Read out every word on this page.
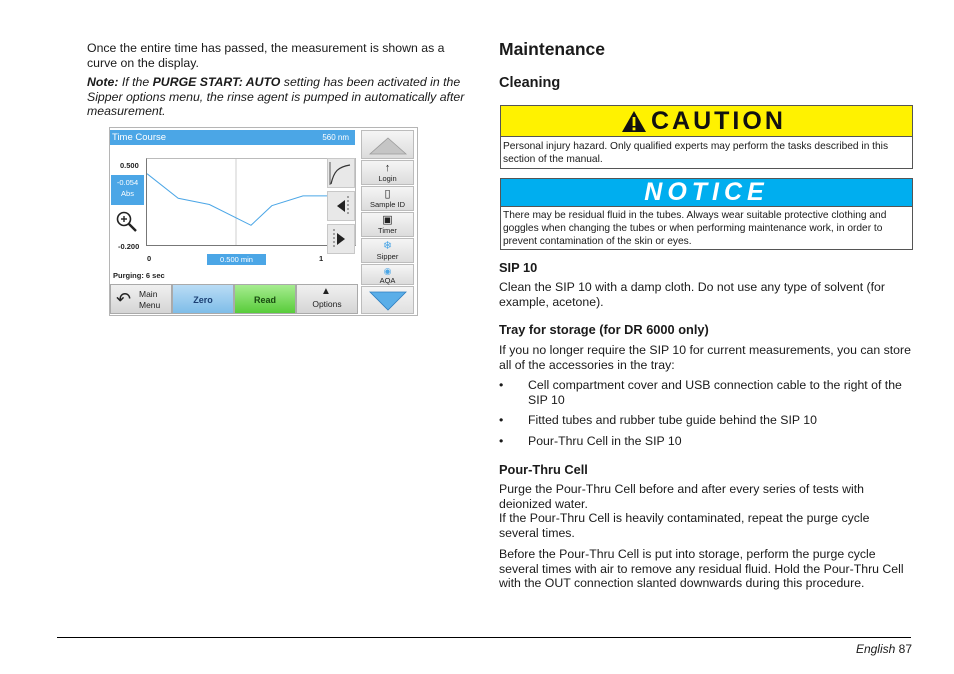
Once the entire time has passed, the measurement is shown as a curve on the display.

Note: If the PURGE START: AUTO setting has been activated in the Sipper options menu, the rinse agent is pumped in automatically after measurement.

Time Course	560 nm
0.500
-0.054
Abs
-0.200
0	0.500 min	1
Purging: 6 sec
↑
Login
▯
Sample ID
▣
Timer
❄
Sipper
◉
AQA
↶ Main
Menu	Zero	Read
▲
Options
Maintenance
Cleaning
CAUTION
Personal injury hazard. Only qualified experts may perform the tasks described in this section of the manual.
NOTICE
There may be residual fluid in the tubes. Always wear suitable protective clothing and goggles when changing the tubes or when performing maintenance work, in order to prevent contamination of the skin or eyes.
SIP 10

Clean the SIP 10 with a damp cloth. Do not use any type of solvent (for example, acetone).

Tray for storage (for DR 6000 only)

If you no longer require the SIP 10 for current measurements, you can store all of the accessories in the tray:

• Cell compartment cover and USB connection cable to the right of the SIP 10
• Fitted tubes and rubber tube guide behind the SIP 10
• Pour-Thru Cell in the SIP 10
Pour-Thru Cell

Purge the Pour-Thru Cell before and after every series of tests with deionized water.

If the Pour-Thru Cell is heavily contaminated, repeat the purge cycle several times.

Before the Pour-Thru Cell is put into storage, perform the purge cycle several times with air to remove any residual fluid. Hold the Pour-Thru Cell with the OUT connection slanted downwards during this procedure.

English 87
